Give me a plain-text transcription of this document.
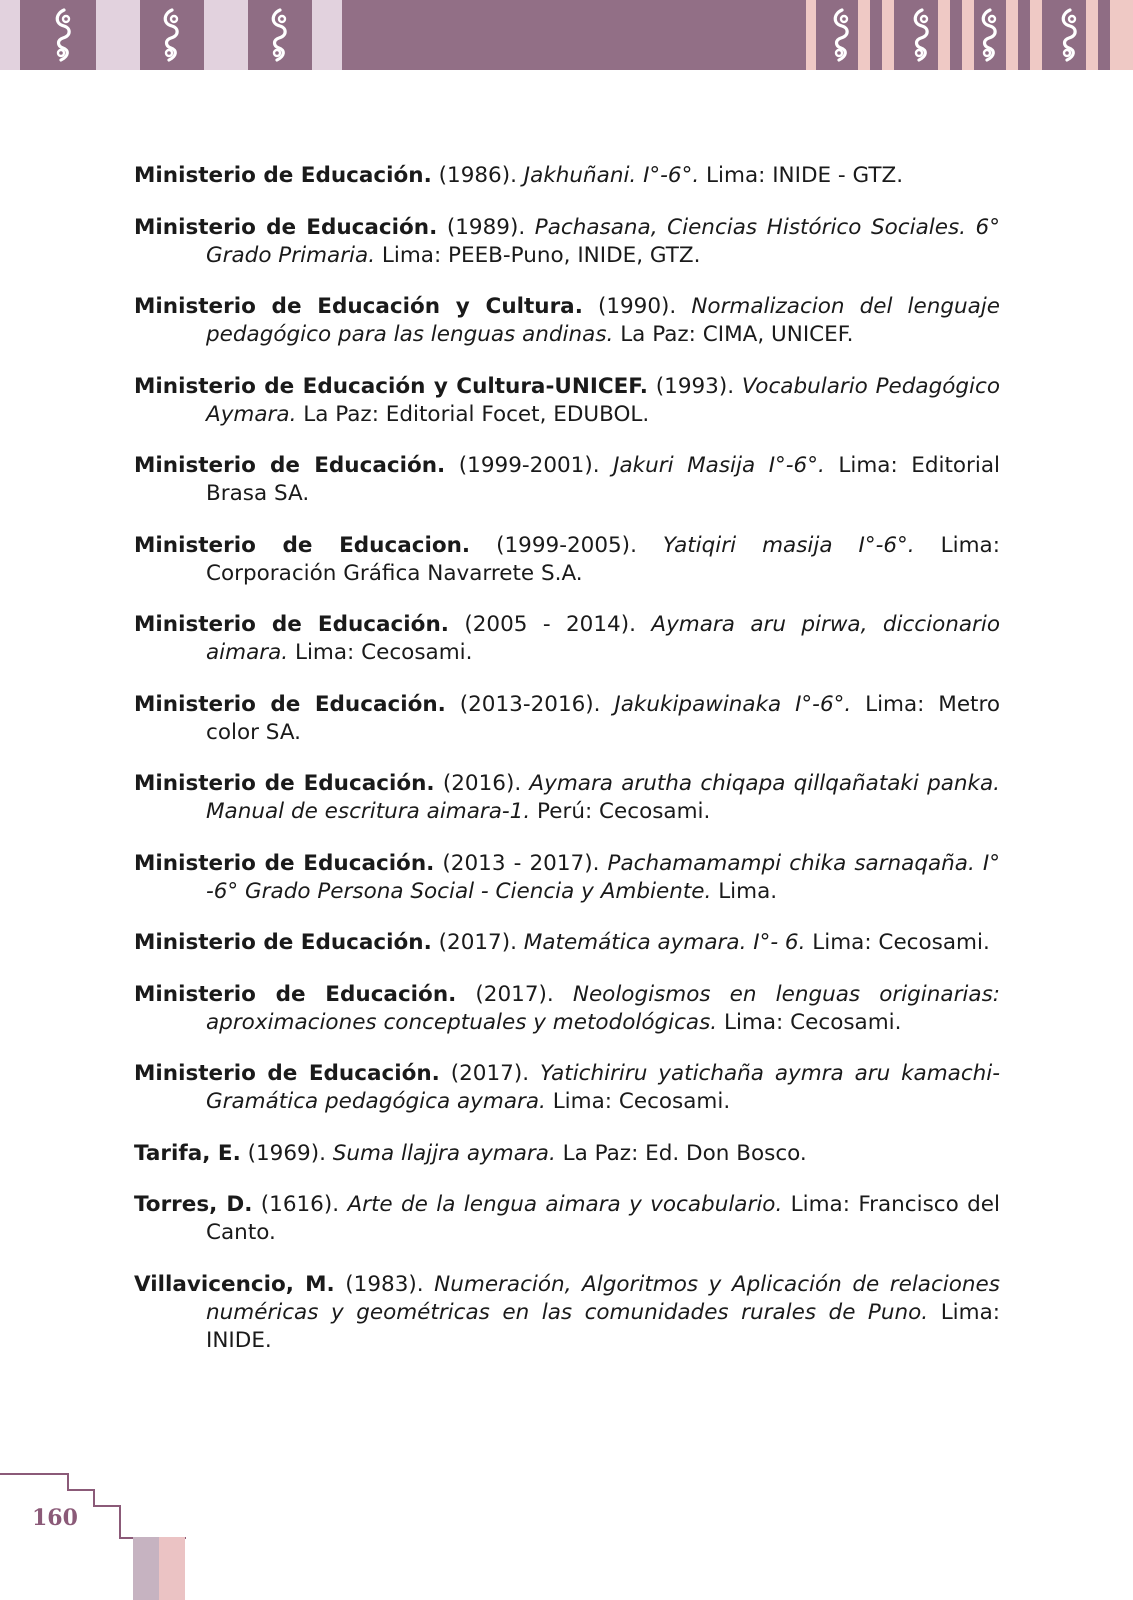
Ministerio de Educación. (1986). Jakhuñani. I°-6°. Lima: INIDE - GTZ.

Ministerio de Educación. (1989). Pachasana, Ciencias Histórico Sociales. 6° Grado Primaria. Lima: PEEB-Puno, INIDE, GTZ.

Ministerio de Educación y Cultura. (1990). Normalizacion del lenguaje pedagógico para las lenguas andinas. La Paz: CIMA, UNICEF.

Ministerio de Educación y Cultura-UNICEF. (1993). Vocabulario Pedagógico Aymara. La Paz: Editorial Focet, EDUBOL.

Ministerio de Educación. (1999-2001). Jakuri Masija I°-6°. Lima: Editorial Brasa SA.

Ministerio de Educacion. (1999-2005). Yatiqiri masija I°-6°. Lima: Corporación Gráfica Navarrete S.A.

Ministerio de Educación. (2005 - 2014). Aymara aru pirwa, diccionario aimara. Lima: Cecosami.

Ministerio de Educación. (2013-2016). Jakukipawinaka I°-6°. Lima: Metro color SA.

Ministerio de Educación. (2016). Aymara arutha chiqapa qillqañataki panka. Manual de escritura aimara-1. Perú: Cecosami.

Ministerio de Educación. (2013 - 2017). Pachamamampi chika sarnaqaña. I° -6° Grado Persona Social - Ciencia y Ambiente. Lima.

Ministerio de Educación. (2017). Matemática aymara. I°- 6. Lima: Cecosami.

Ministerio de Educación. (2017). Neologismos en lenguas originarias: aproximaciones conceptuales y metodológicas. Lima: Cecosami.

Ministerio de Educación. (2017). Yatichiriru yatichaña aymra aru kamachi-Gramática pedagógica aymara. Lima: Cecosami.

Tarifa, E. (1969). Suma llajjra aymara. La Paz: Ed. Don Bosco.

Torres, D. (1616). Arte de la lengua aimara y vocabulario. Lima: Francisco del Canto.

Villavicencio, M. (1983). Numeración, Algoritmos y Aplicación de relaciones numéricas y geométricas en las comunidades rurales de Puno. Lima: INIDE.

160
